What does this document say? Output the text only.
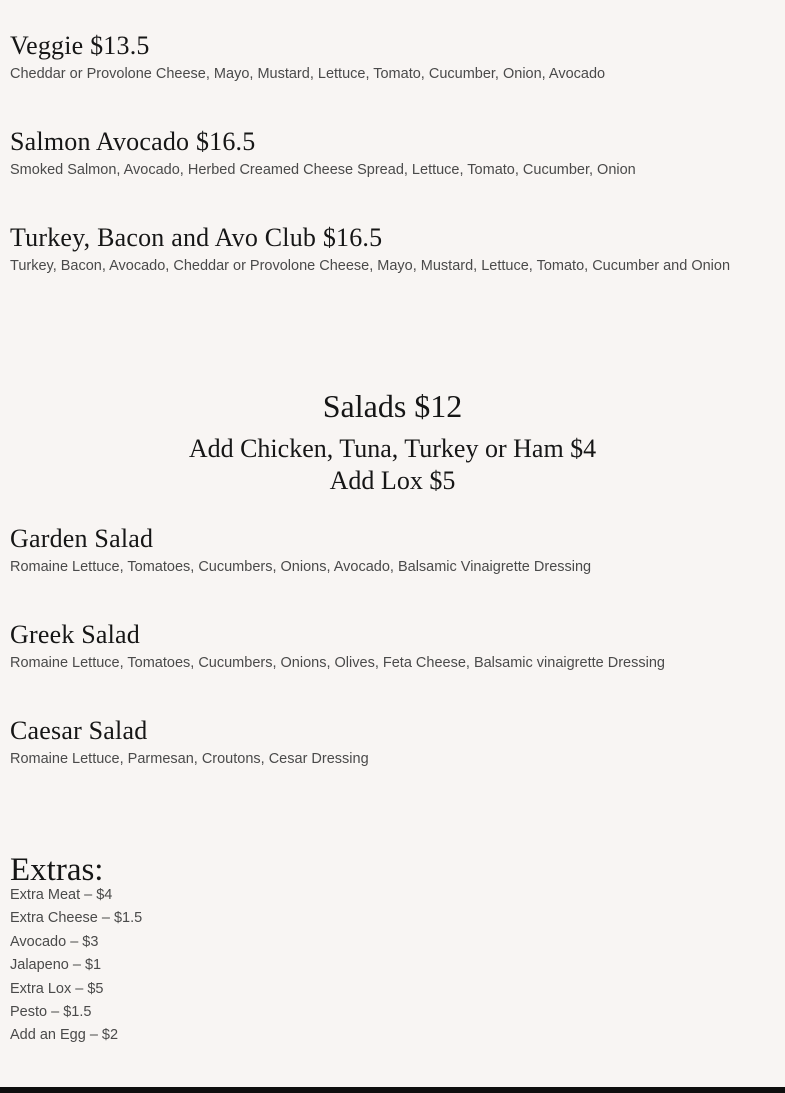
Veggie $13.5

Cheddar or Provolone Cheese, Mayo, Mustard, Lettuce, Tomato, Cucumber, Onion, Avocado

Salmon Avocado $16.5

Smoked Salmon, Avocado, Herbed Creamed Cheese Spread, Lettuce, Tomato, Cucumber, Onion

Turkey, Bacon and Avo Club $16.5

Turkey, Bacon, Avocado, Cheddar or Provolone Cheese, Mayo, Mustard, Lettuce, Tomato, Cucumber and Onion

Salads $12

Add Chicken, Tuna, Turkey or Ham $4

Add Lox $5

Garden Salad

Romaine Lettuce, Tomatoes, Cucumbers, Onions, Avocado, Balsamic Vinaigrette Dressing

Greek Salad

Romaine Lettuce, Tomatoes, Cucumbers, Onions, Olives, Feta Cheese, Balsamic vinaigrette Dressing

Caesar Salad

Romaine Lettuce, Parmesan, Croutons, Cesar Dressing

Extras:
Extra Meat – $4
Extra Cheese – $1.5
Avocado – $3
Jalapeno – $1
Extra Lox – $5
Pesto – $1.5
Add an Egg – $2
